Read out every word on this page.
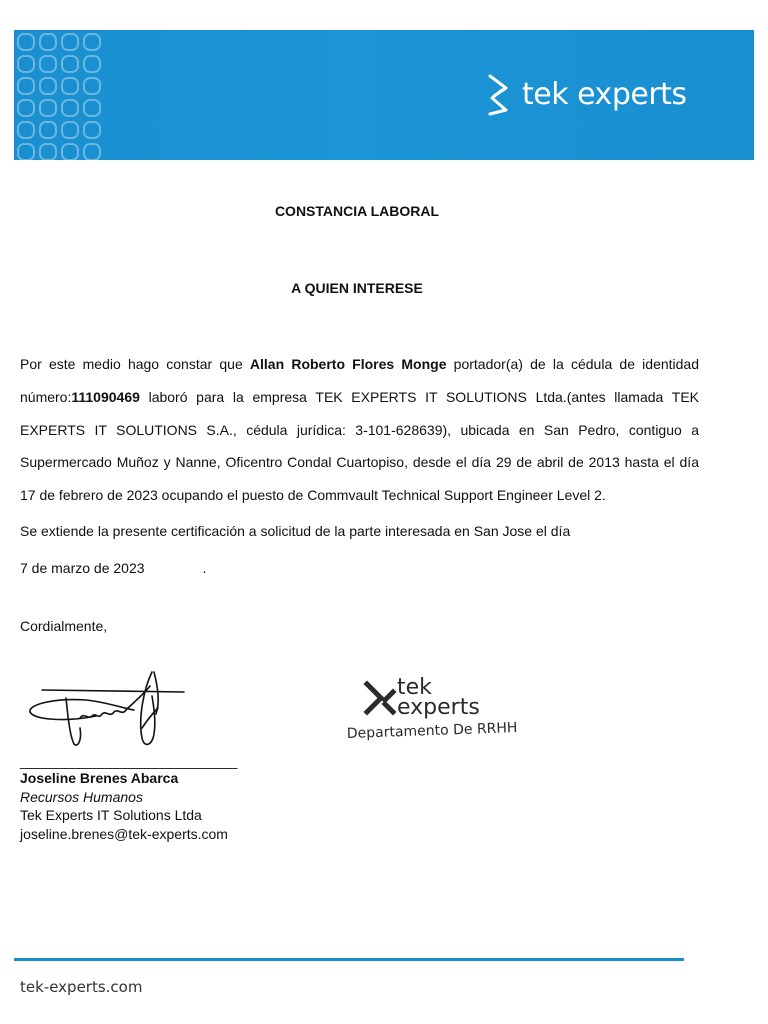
tek experts
CONSTANCIA LABORAL
A QUIEN INTERESE
Por este medio hago constar que Allan Roberto Flores Monge portador(a) de la cédula de identidad número:111090469 laboró para la empresa TEK EXPERTS IT SOLUTIONS Ltda.(antes llamada TEK EXPERTS IT SOLUTIONS S.A., cédula jurídica: 3-101-628639), ubicada en San Pedro, contiguo a Supermercado Muñoz y Nanne, Oficentro Condal Cuartopiso, desde el día 29 de abril de 2013 hasta el día 17 de febrero de 2023 ocupando el puesto de Commvault Technical Support Engineer Level 2.
Se extiende la presente certificación a solicitud de la parte interesada en San Jose el día
7 de marzo de 2023	.
Cordialmente,
tek
experts
Departamento De RRHH
_____________________________
Joseline Brenes Abarca
Recursos Humanos
Tek Experts IT Solutions Ltda
joseline.brenes@tek-experts.com
tek-experts.com
